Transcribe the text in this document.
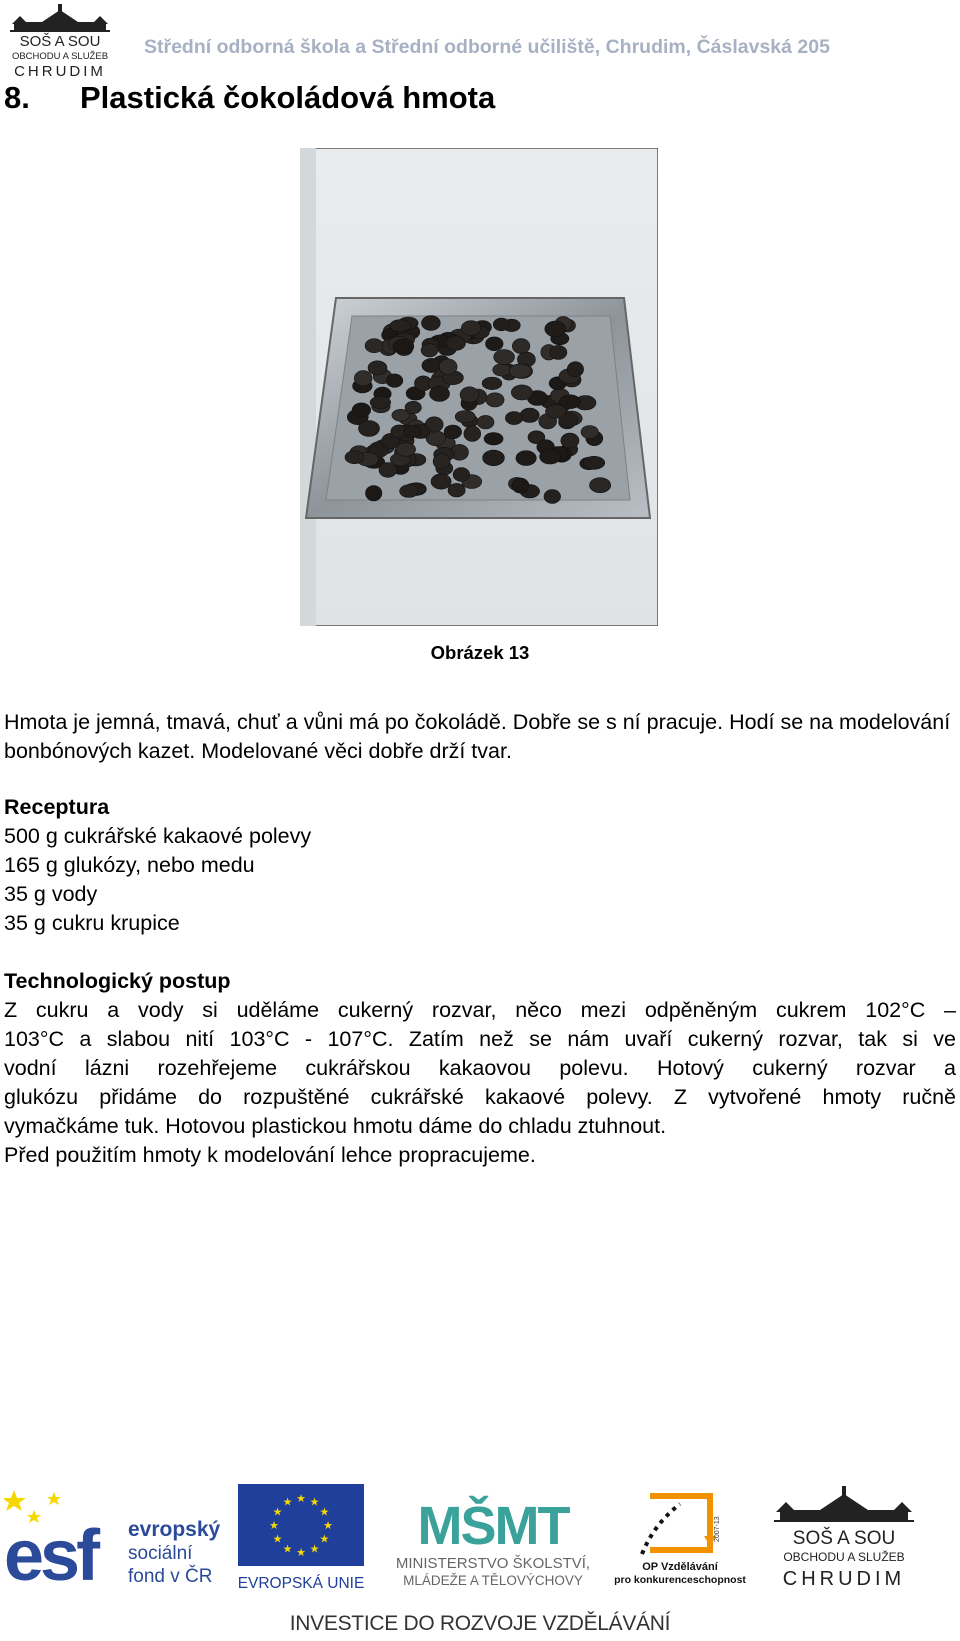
SOŠ A SOU
OBCHODU A SLUŽEB
CHRUDIM
Střední odborná škola a Střední odborné učiliště, Chrudim, Čáslavská 205
8. Plastická čokoládová hmota
Obrázek 13
Hmota je jemná, tmavá, chuť a vůni má po čokoládě. Dobře se s ní pracuje. Hodí se na modelování bonbónových kazet. Modelované věci dobře drží tvar.
Receptura
500 g cukrářské kakaové polevy
165 g glukózy, nebo medu
35 g vody
35 g cukru krupice
Technologický postup
Z cukru a vody si uděláme cukerný rozvar, něco mezi odpěněným cukrem 102°C –
103°C a slabou nití 103°C - 107°C. Zatím než se nám uvaří cukerný rozvar, tak si ve
vodní lázni rozehřejeme cukrářskou kakaovou polevu. Hotový cukerný rozvar a
glukózu přidáme do rozpuštěné cukrářské kakaové polevy. Z vytvořené hmoty ručně
vymačkáme tuk. Hotovou plastickou hmotu dáme do chladu ztuhnout.
Před použitím hmoty k modelování lehce propracujeme.
esf evropský
sociální
fond v ČR
★
★
★
★
★
★
★
★
★ ★ ★
★
EVROPSKÁ UNIE
MŠMT
MINISTERSTVO ŠKOLSTVÍ,
MLÁDEŽE A TĚLOVÝCHOVY
2007-13
OP Vzdělávání
pro konkurenceschopnost
SOŠ A SOU
OBCHODU A SLUŽEB
CHRUDIM
INVESTICE DO ROZVOJE VZDĚLÁVÁNÍ
